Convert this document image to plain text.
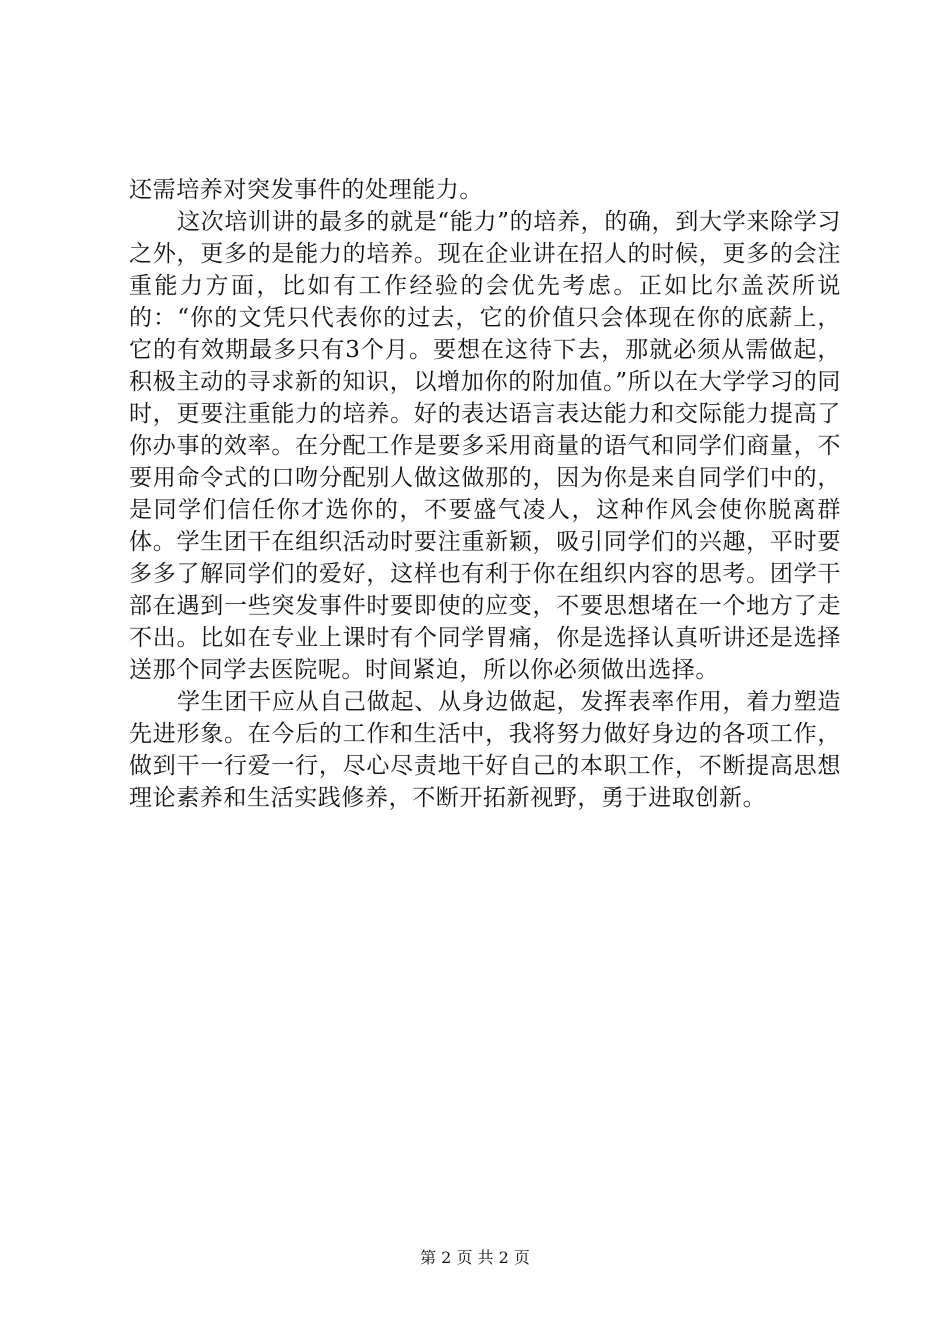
还需培养对突发事件的处理能力。

这次培训讲的最多的就是“能力”的培养，的确，到大学来除学习之外，更多的是能力的培养。现在企业讲在招人的时候，更多的会注重能力方面，比如有工作经验的会优先考虑。正如比尔盖茨所说的：“你的文凭只代表你的过去，它的价值只会体现在你的底薪上，它的有效期最多只有3个月。要想在这待下去，那就必须从需做起，积极主动的寻求新的知识，以增加你的附加值。”所以在大学学习的同时，更要注重能力的培养。好的表达语言表达能力和交际能力提高了你办事的效率。在分配工作是要多采用商量的语气和同学们商量，不要用命令式的口吻分配别人做这做那的，因为你是来自同学们中的，是同学们信任你才选你的，不要盛气凌人，这种作风会使你脱离群体。学生团干在组织活动时要注重新颖，吸引同学们的兴趣，平时要多多了解同学们的爱好，这样也有利于你在组织内容的思考。团学干部在遇到一些突发事件时要即使的应变，不要思想堵在一个地方了走不出。比如在专业上课时有个同学胃痛，你是选择认真听讲还是选择送那个同学去医院呢。时间紧迫，所以你必须做出选择。

学生团干应从自己做起、从身边做起，发挥表率作用，着力塑造先进形象。在今后的工作和生活中，我将努力做好身边的各项工作，做到干一行爱一行，尽心尽责地干好自己的本职工作，不断提高思想理论素养和生活实践修养，不断开拓新视野，勇于进取创新。

第 2 页 共 2 页
